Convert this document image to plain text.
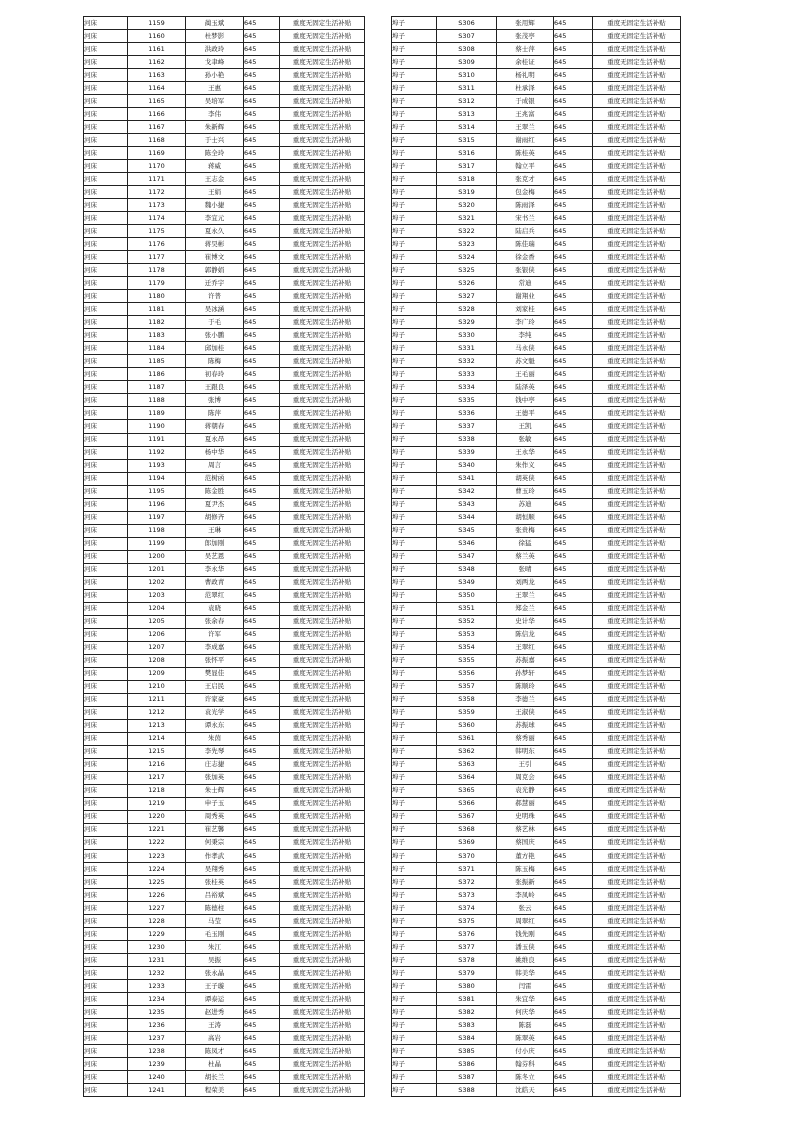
河床	1159	蔺玉斌	645	重度无固定生活补贴
河床	1160	杜梦影	645	重度无固定生活补贴
河床	1161	洪政玲	645	重度无固定生活补贴
河床	1162	戈聿峰	645	重度无固定生活补贴
河床	1163	孙小艳	645	重度无固定生活补贴
河床	1164	王惠	645	重度无固定生活补贴
河床	1165	吴培军	645	重度无固定生活补贴
河床	1166	李伟	645	重度无固定生活补贴
河床	1167	朱新辉	645	重度无固定生活补贴
河床	1168	于士兴	645	重度无固定生活补贴
河床	1169	陈全玲	645	重度无固定生活补贴
河床	1170	蒋威	645	重度无固定生活补贴
河床	1171	王志金	645	重度无固定生活补贴
河床	1172	王娟	645	重度无固定生活补贴
河床	1173	魏小捷	645	重度无固定生活补贴
河床	1174	李宜元	645	重度无固定生活补贴
河床	1175	夏永久	645	重度无固定生活补贴
河床	1176	蒋昊彬	645	重度无固定生活补贴
河床	1177	崔博文	645	重度无固定生活补贴
河床	1178	郭静娟	645	重度无固定生活补贴
河床	1179	迁乔宇	645	重度无固定生活补贴
河床	1180	许普	645	重度无固定生活补贴
河床	1181	吴冰涵	645	重度无固定生活补贴
河床	1182	于毛	645	重度无固定生活补贴
河床	1183	张小鹏	645	重度无固定生活补贴
河床	1184	邱加桂	645	重度无固定生活补贴
河床	1185	陈梅	645	重度无固定生活补贴
河床	1186	初春玲	645	重度无固定生活补贴
河床	1187	王跟良	645	重度无固定生活补贴
河床	1188	张博	645	重度无固定生活补贴
河床	1189	陈萍	645	重度无固定生活补贴
河床	1190	蒋朝春	645	重度无固定生活补贴
河床	1191	夏永昂	645	重度无固定生活补贴
河床	1192	杨中华	645	重度无固定生活补贴
河床	1193	周言	645	重度无固定生活补贴
河床	1194	范树函	645	重度无固定生活补贴
河床	1195	陈金胜	645	重度无固定生活补贴
河床	1196	夏尹杰	645	重度无固定生活补贴
河床	1197	胡修齐	645	重度无固定生活补贴
河床	1198	王琳	645	重度无固定生活补贴
河床	1199	郎加刚	645	重度无固定生活补贴
河床	1200	吴艺恩	645	重度无固定生活补贴
河床	1201	李永华	645	重度无固定生活补贴
河床	1202	曹政青	645	重度无固定生活补贴
河床	1203	范翠红	645	重度无固定生活补贴
河床	1204	袁晓	645	重度无固定生活补贴
河床	1205	张余春	645	重度无固定生活补贴
河床	1206	许军	645	重度无固定生活补贴
河床	1207	李成嘉	645	重度无固定生活补贴
河床	1208	张怀平	645	重度无固定生活补贴
河床	1209	樊显佳	645	重度无固定生活补贴
河床	1210	王启民	645	重度无固定生活补贴
河床	1211	许家豪	645	重度无固定生活补贴
河床	1212	袁光学	645	重度无固定生活补贴
河床	1213	谭永东	645	重度无固定生活补贴
河床	1214	朱茵	645	重度无固定生活补贴
河床	1215	李先琴	645	重度无固定生活补贴
河床	1216	庄志捷	645	重度无固定生活补贴
河床	1217	张加英	645	重度无固定生活补贴
河床	1218	朱士辉	645	重度无固定生活补贴
河床	1219	申子玉	645	重度无固定生活补贴
河床	1220	周秀英	645	重度无固定生活补贴
河床	1221	崔艺馨	645	重度无固定生活补贴
河床	1222	何秉宗	645	重度无固定生活补贴
河床	1223	作孝武	645	重度无固定生活补贴
河床	1224	吴翔秀	645	重度无固定生活补贴
河床	1225	张桂英	645	重度无固定生活补贴
河床	1226	吕裕斌	645	重度无固定生活补贴
河床	1227	陈德柱	645	重度无固定生活补贴
河床	1228	马莹	645	重度无固定生活补贴
河床	1229	毛玉刚	645	重度无固定生活补贴
河床	1230	朱江	645	重度无固定生活补贴
河床	1231	吴振	645	重度无固定生活补贴
河床	1232	张永晶	645	重度无固定生活补贴
河床	1233	王子璇	645	重度无固定生活补贴
河床	1234	谭泰运	645	重度无固定生活补贴
河床	1235	赵进秀	645	重度无固定生活补贴
河床	1236	王涛	645	重度无固定生活补贴
河床	1237	高岩	645	重度无固定生活补贴
河床	1238	陈凤才	645	重度无固定生活补贴
河床	1239	杜晶	645	重度无固定生活补贴
河床	1240	胡长兰	645	重度无固定生活补贴
河床	1241	程荣美	645	重度无固定生活补贴
埠子	S306	张用辉	645	重度无固定生活补贴
埠子	S307	张茂亭	645	重度无固定生活补贴
埠子	S308	蔡士萍	645	重度无固定生活补贴
埠子	S309	余桂证	645	重度无固定生活补贴
埠子	S310	杨礼明	645	重度无固定生活补贴
埠子	S311	杜承泽	645	重度无固定生活补贴
埠子	S312	于成银	645	重度无固定生活补贴
埠子	S313	王兆富	645	重度无固定生活补贴
埠子	S314	王翠兰	645	重度无固定生活补贴
埠子	S315	谢雨红	645	重度无固定生活补贴
埠子	S316	陈桂英	645	重度无固定生活补贴
埠子	S317	翰立平	645	重度无固定生活补贴
埠子	S318	张克才	645	重度无固定生活补贴
埠子	S319	包金梅	645	重度无固定生活补贴
埠子	S320	陈雨泽	645	重度无固定生活补贴
埠子	S321	宋书兰	645	重度无固定生活补贴
埠子	S322	陆启兵	645	重度无固定生活补贴
埠子	S323	陈佳瑞	645	重度无固定生活补贴
埠子	S324	徐金香	645	重度无固定生活补贴
埠子	S325	张银侠	645	重度无固定生活补贴
埠子	S326	常迪	645	重度无固定生活补贴
埠子	S327	谢翔业	645	重度无固定生活补贴
埠子	S328	刘家桂	645	重度无固定生活补贴
埠子	S329	李广玲	645	重度无固定生活补贴
埠子	S330	李纯	645	重度无固定生活补贴
埠子	S331	马永侠	645	重度无固定生活补贴
埠子	S332	苏文魁	645	重度无固定生活补贴
埠子	S333	王毛丽	645	重度无固定生活补贴
埠子	S334	陆泽英	645	重度无固定生活补贴
埠子	S335	钱中亭	645	重度无固定生活补贴
埠子	S336	王德平	645	重度无固定生活补贴
埠子	S337	王凯	645	重度无固定生活补贴
埠子	S338	张敏	645	重度无固定生活补贴
埠子	S339	王永华	645	重度无固定生活补贴
埠子	S340	朱作义	645	重度无固定生活补贴
埠子	S341	胡英侠	645	重度无固定生活补贴
埠子	S342	曹玉玲	645	重度无固定生活补贴
埠子	S343	苏迪	645	重度无固定生活补贴
埠子	S344	胡恒顺	645	重度无固定生活补贴
埠子	S345	张贵梅	645	重度无固定生活补贴
埠子	S346	徐猛	645	重度无固定生活补贴
埠子	S347	蔡兰英	645	重度无固定生活补贴
埠子	S348	张晴	645	重度无固定生活补贴
埠子	S349	刘两龙	645	重度无固定生活补贴
埠子	S350	王翠兰	645	重度无固定生活补贴
埠子	S351	郑金兰	645	重度无固定生活补贴
埠子	S352	史计华	645	重度无固定生活补贴
埠子	S353	陈信龙	645	重度无固定生活补贴
埠子	S354	王翠红	645	重度无固定生活补贴
埠子	S355	苏振嘉	645	重度无固定生活补贴
埠子	S356	孙梦轩	645	重度无固定生活补贴
埠子	S357	陈顺玲	645	重度无固定生活补贴
埠子	S358	李德兰	645	重度无固定生活补贴
埠子	S359	王淑侠	645	重度无固定生活补贴
埠子	S360	苏振球	645	重度无固定生活补贴
埠子	S361	蔡秀丽	645	重度无固定生活补贴
埠子	S362	韩明东	645	重度无固定生活补贴
埠子	S363	王引	645	重度无固定生活补贴
埠子	S364	周克会	645	重度无固定生活补贴
埠子	S365	袁光静	645	重度无固定生活补贴
埠子	S366	郝慧丽	645	重度无固定生活补贴
埠子	S367	史明珠	645	重度无固定生活补贴
埠子	S368	蔡艺林	645	重度无固定生活补贴
埠子	S369	蔡国庆	645	重度无固定生活补贴
埠子	S370	董方艳	645	重度无固定生活补贴
埠子	S371	陈玉梅	645	重度无固定生活补贴
埠子	S372	张振新	645	重度无固定生活补贴
埠子	S373	李凤岭	645	重度无固定生活补贴
埠子	S374	张云	645	重度无固定生活补贴
埠子	S375	周翠红	645	重度无固定生活补贴
埠子	S376	钱先刚	645	重度无固定生活补贴
埠子	S377	潘玉侠	645	重度无固定生活补贴
埠子	S378	姚维良	645	重度无固定生活补贴
埠子	S379	韩美华	645	重度无固定生活补贴
埠子	S380	闫雷	645	重度无固定生活补贴
埠子	S381	朱宜华	645	重度无固定生活补贴
埠子	S382	何庆华	645	重度无固定生活补贴
埠子	S383	陈磊	645	重度无固定生活补贴
埠子	S384	陈翠英	645	重度无固定生活补贴
埠子	S385	付小庆	645	重度无固定生活补贴
埠子	S386	翰芬科	645	重度无固定生活补贴
埠子	S387	陈冬立	645	重度无固定生活补贴
埠子	S388	沈皓天	645	重度无固定生活补贴
